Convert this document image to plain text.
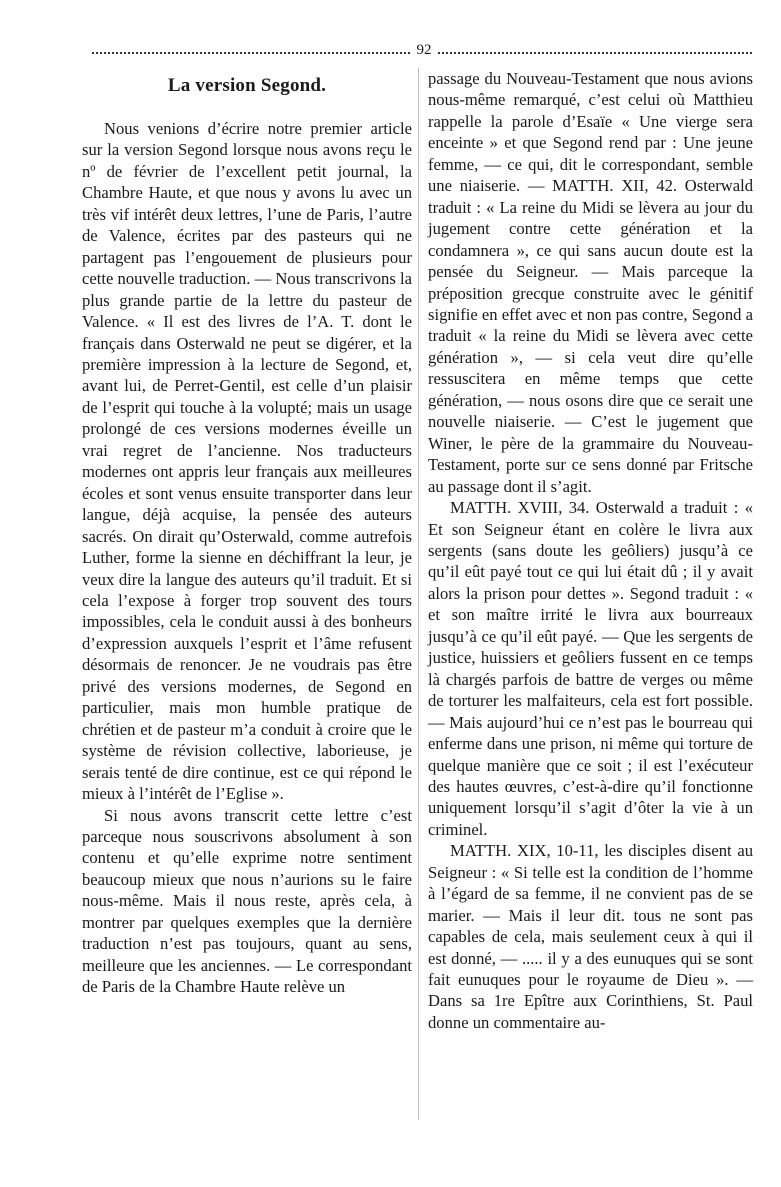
92
La version Segond.

Nous venions d’écrire notre premier article sur la version Segond lorsque nous avons reçu le nº de février de l’excellent petit journal, la Chambre Haute, et que nous y avons lu avec un très vif intérêt deux lettres, l’une de Paris, l’autre de Valence, écrites par des pasteurs qui ne partagent pas l’engouement de plusieurs pour cette nouvelle traduction. — Nous transcrivons la plus grande partie de la lettre du pasteur de Valence. « Il est des livres de l’A. T. dont le français dans Osterwald ne peut se digérer, et la première impression à la lecture de Segond, et, avant lui, de Perret-Gentil, est celle d’un plaisir de l’esprit qui touche à la volupté; mais un usage prolongé de ces versions modernes éveille un vrai regret de l’ancienne. Nos traducteurs modernes ont appris leur français aux meilleures écoles et sont venus ensuite transporter dans leur langue, déjà acquise, la pensée des auteurs sacrés. On dirait qu’Osterwald, comme autrefois Luther, forme la sienne en déchiffrant la leur, je veux dire la langue des auteurs qu’il traduit. Et si cela l’expose à forger trop souvent des tours impossibles, cela le conduit aussi à des bonheurs d’expression auxquels l’esprit et l’âme refusent désormais de renoncer. Je ne voudrais pas être privé des versions modernes, de Segond en particulier, mais mon humble pratique de chrétien et de pasteur m’a conduit à croire que le système de révision collective, laborieuse, je serais tenté de dire continue, est ce qui répond le mieux à l’intérêt de l’Eglise ».

Si nous avons transcrit cette lettre c’est parceque nous souscrivons absolument à son contenu et qu’elle exprime notre sentiment beaucoup mieux que nous n’aurions su le faire nous-même. Mais il nous reste, après cela, à montrer par quelques exemples que la dernière traduction n’est pas toujours, quant au sens, meilleure que les anciennes. — Le correspondant de Paris de la Chambre Haute relève un

passage du Nouveau-Testament que nous avions nous-même remarqué, c’est celui où Matthieu rappelle la parole d’Esaïe « Une vierge sera enceinte » et que Segond rend par : Une jeune femme, — ce qui, dit le correspondant, semble une niaiserie. — MATTH. XII, 42. Osterwald traduit : « La reine du Midi se lèvera au jour du jugement contre cette génération et la condamnera », ce qui sans aucun doute est la pensée du Seigneur. — Mais parceque la préposition grecque construite avec le génitif signifie en effet avec et non pas contre, Segond a traduit « la reine du Midi se lèvera avec cette génération », — si cela veut dire qu’elle ressuscitera en même temps que cette génération, — nous osons dire que ce serait une nouvelle niaiserie. — C’est le jugement que Winer, le père de la grammaire du Nouveau-Testament, porte sur ce sens donné par Fritsche au passage dont il s’agit.

MATTH. XVIII, 34. Osterwald a traduit : « Et son Seigneur étant en colère le livra aux sergents (sans doute les geôliers) jusqu’à ce qu’il eût payé tout ce qui lui était dû ; il y avait alors la prison pour dettes ». Segond traduit : « et son maître irrité le livra aux bourreaux jusqu’à ce qu’il eût payé. — Que les sergents de justice, huissiers et geôliers fussent en ce temps là chargés parfois de battre de verges ou même de torturer les malfaiteurs, cela est fort possible. — Mais aujourd’hui ce n’est pas le bourreau qui enferme dans une prison, ni même qui torture de quelque manière que ce soit ; il est l’exécuteur des hautes œuvres, c’est-à-dire qu’il fonctionne uniquement lorsqu’il s’agit d’ôter la vie à un criminel.

MATTH. XIX, 10-11, les disciples disent au Seigneur : « Si telle est la condition de l’homme à l’égard de sa femme, il ne convient pas de se marier. — Mais il leur dit. tous ne sont pas capables de cela, mais seulement ceux à qui il est donné, — ..... il y a des eunuques qui se sont fait eunuques pour le royaume de Dieu ». — Dans sa 1re Epître aux Corinthiens, St. Paul donne un commentaire au-
